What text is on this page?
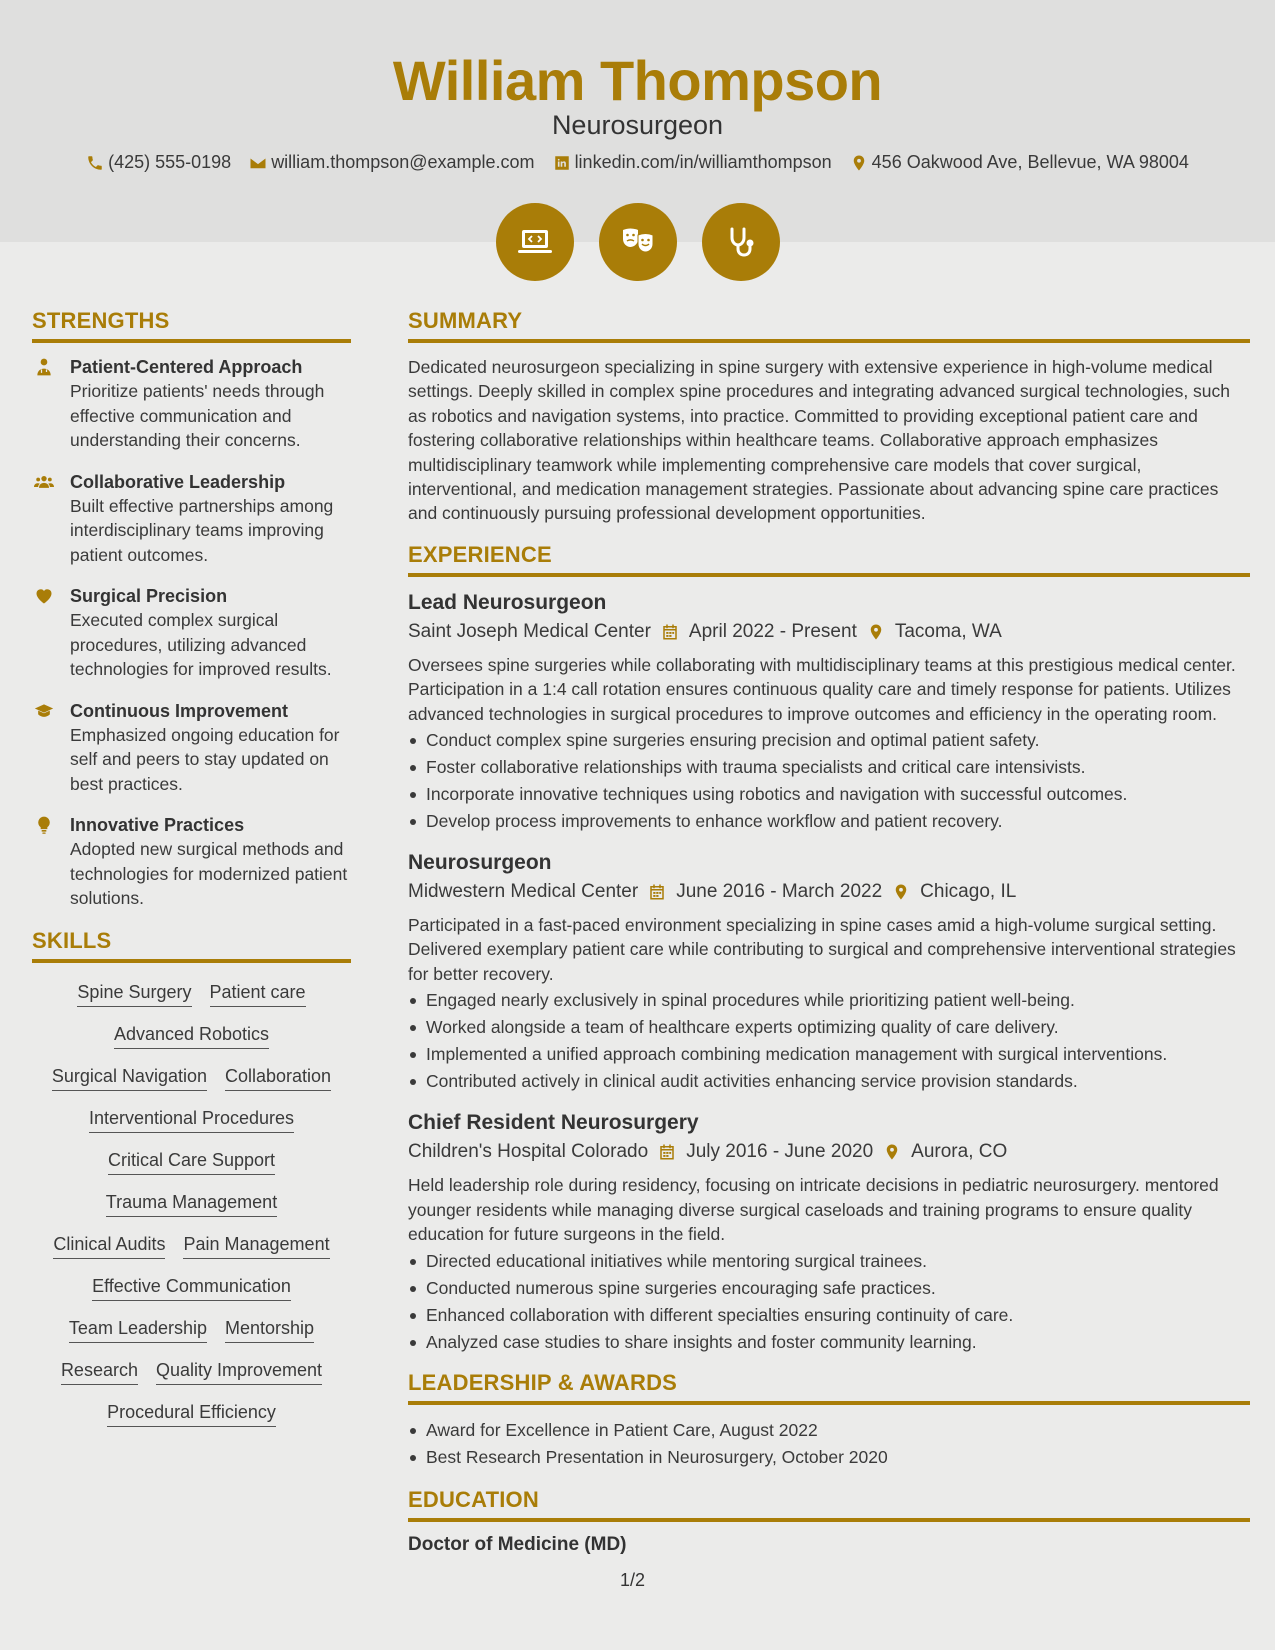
William Thompson
Neurosurgeon
(425) 555-0198 william.thompson@example.com linkedin.com/in/williamthompson 456 Oakwood Ave, Bellevue, WA 98004
STRENGTHS
Patient-Centered Approach
Prioritize patients' needs through effective communication and understanding their concerns.
Collaborative Leadership
Built effective partnerships among interdisciplinary teams improving patient outcomes.
Surgical Precision
Executed complex surgical procedures, utilizing advanced technologies for improved results.
Continuous Improvement
Emphasized ongoing education for self and peers to stay updated on best practices.
Innovative Practices
Adopted new surgical methods and technologies for modernized patient solutions.
SKILLS
Spine Surgery Patient care
Advanced Robotics
Surgical Navigation Collaboration
Interventional Procedures
Critical Care Support
Trauma Management
Clinical Audits Pain Management
Effective Communication
Team Leadership Mentorship
Research Quality Improvement
Procedural Efficiency
SUMMARY
Dedicated neurosurgeon specializing in spine surgery with extensive experience in high-volume medical settings. Deeply skilled in complex spine procedures and integrating advanced surgical technologies, such as robotics and navigation systems, into practice. Committed to providing exceptional patient care and fostering collaborative relationships within healthcare teams. Collaborative approach emphasizes multidisciplinary teamwork while implementing comprehensive care models that cover surgical, interventional, and medication management strategies. Passionate about advancing spine care practices and continuously pursuing professional development opportunities.
EXPERIENCE
Lead Neurosurgeon
Saint Joseph Medical Center April 2022 - Present Tacoma, WA
Oversees spine surgeries while collaborating with multidisciplinary teams at this prestigious medical center. Participation in a 1:4 call rotation ensures continuous quality care and timely response for patients. Utilizes advanced technologies in surgical procedures to improve outcomes and efficiency in the operating room.
Conduct complex spine surgeries ensuring precision and optimal patient safety.
Foster collaborative relationships with trauma specialists and critical care intensivists.
Incorporate innovative techniques using robotics and navigation with successful outcomes.
Develop process improvements to enhance workflow and patient recovery.
Neurosurgeon
Midwestern Medical Center June 2016 - March 2022 Chicago, IL
Participated in a fast-paced environment specializing in spine cases amid a high-volume surgical setting. Delivered exemplary patient care while contributing to surgical and comprehensive interventional strategies for better recovery.
Engaged nearly exclusively in spinal procedures while prioritizing patient well-being.
Worked alongside a team of healthcare experts optimizing quality of care delivery.
Implemented a unified approach combining medication management with surgical interventions.
Contributed actively in clinical audit activities enhancing service provision standards.
Chief Resident Neurosurgery
Children's Hospital Colorado July 2016 - June 2020 Aurora, CO
Held leadership role during residency, focusing on intricate decisions in pediatric neurosurgery. mentored younger residents while managing diverse surgical caseloads and training programs to ensure quality education for future surgeons in the field.
Directed educational initiatives while mentoring surgical trainees.
Conducted numerous spine surgeries encouraging safe practices.
Enhanced collaboration with different specialties ensuring continuity of care.
Analyzed case studies to share insights and foster community learning.
LEADERSHIP & AWARDS
Award for Excellence in Patient Care, August 2022
Best Research Presentation in Neurosurgery, October 2020
EDUCATION
Doctor of Medicine (MD)
1/2
